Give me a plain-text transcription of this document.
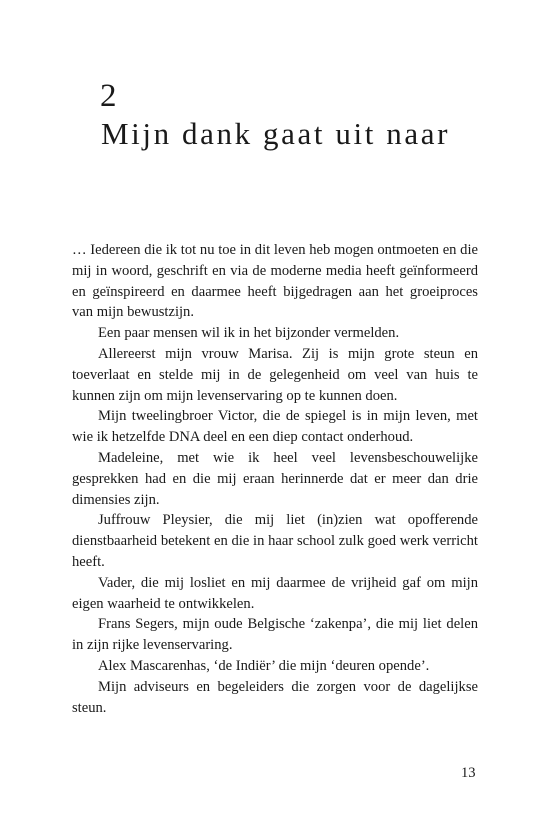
2
Mijn dank gaat uit naar

… Iedereen die ik tot nu toe in dit leven heb mogen ontmoeten en die mij in woord, geschrift en via de moderne media heeft geïnformeerd en geïnspireerd en daarmee heeft bijgedragen aan het groeiproces van mijn bewustzijn.

Een paar mensen wil ik in het bijzonder vermelden.

Allereerst mijn vrouw Marisa. Zij is mijn grote steun en toeverlaat en stelde mij in de gelegenheid om veel van huis te kunnen zijn om mijn levenservaring op te kunnen doen.

Mijn tweelingbroer Victor, die de spiegel is in mijn leven, met wie ik hetzelfde DNA deel en een diep contact onderhoud.

Madeleine, met wie ik heel veel levensbeschouwelijke gesprekken had en die mij eraan herinnerde dat er meer dan drie dimensies zijn.

Juffrouw Pleysier, die mij liet (in)zien wat opofferende dienstbaarheid betekent en die in haar school zulk goed werk verricht heeft.

Vader, die mij losliet en mij daarmee de vrijheid gaf om mijn eigen waarheid te ontwikkelen.

Frans Segers, mijn oude Belgische ‘zakenpa’, die mij liet delen in zijn rijke levenservaring.

Alex Mascarenhas, ‘de Indiër’ die mijn ‘deuren opende’.

Mijn adviseurs en begeleiders die zorgen voor de dagelijkse steun.

13
